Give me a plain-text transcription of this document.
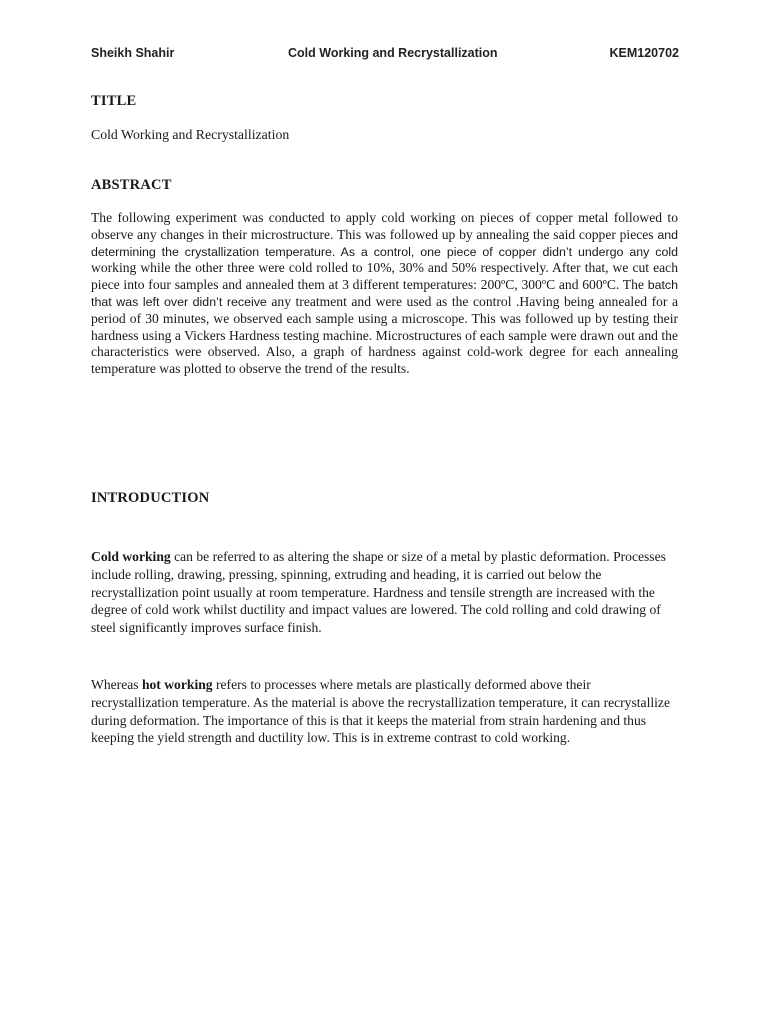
Sheikh Shahir	Cold Working and Recrystallization	KEM120702
TITLE
Cold Working and Recrystallization
ABSTRACT
The following experiment was conducted to apply cold working on pieces of copper metal followed to observe any changes in their microstructure. This was followed up by annealing the said copper pieces and determining the crystallization temperature. As a control, one piece of copper didn’t undergo any cold working while the other three were cold rolled to 10%, 30% and 50% respectively. After that, we cut each piece into four samples and annealed them at 3 different temperatures: 200ºC, 300ºC and 600ºC. The batch that was left over didn’t receive any treatment and were used as the control .Having being annealed for a period of 30 minutes, we observed each sample using a microscope. This was followed up by testing their hardness using a Vickers Hardness testing machine. Microstructures of each sample were drawn out and the characteristics were observed. Also, a graph of hardness against cold-work degree for each annealing temperature was plotted to observe the trend of the results.
INTRODUCTION
Cold working can be referred to as altering the shape or size of a metal by plastic deformation. Processes include rolling, drawing, pressing, spinning, extruding and heading, it is carried out below the recrystallization point usually at room temperature. Hardness and tensile strength are increased with the degree of cold work whilst ductility and impact values are lowered. The cold rolling and cold drawing of steel significantly improves surface finish.
Whereas hot working refers to processes where metals are plastically deformed above their recrystallization temperature. As the material is above the recrystallization temperature, it can recrystallize during deformation. The importance of this is that it keeps the material from strain hardening and thus keeping the yield strength and ductility low. This is in extreme contrast to cold working.
